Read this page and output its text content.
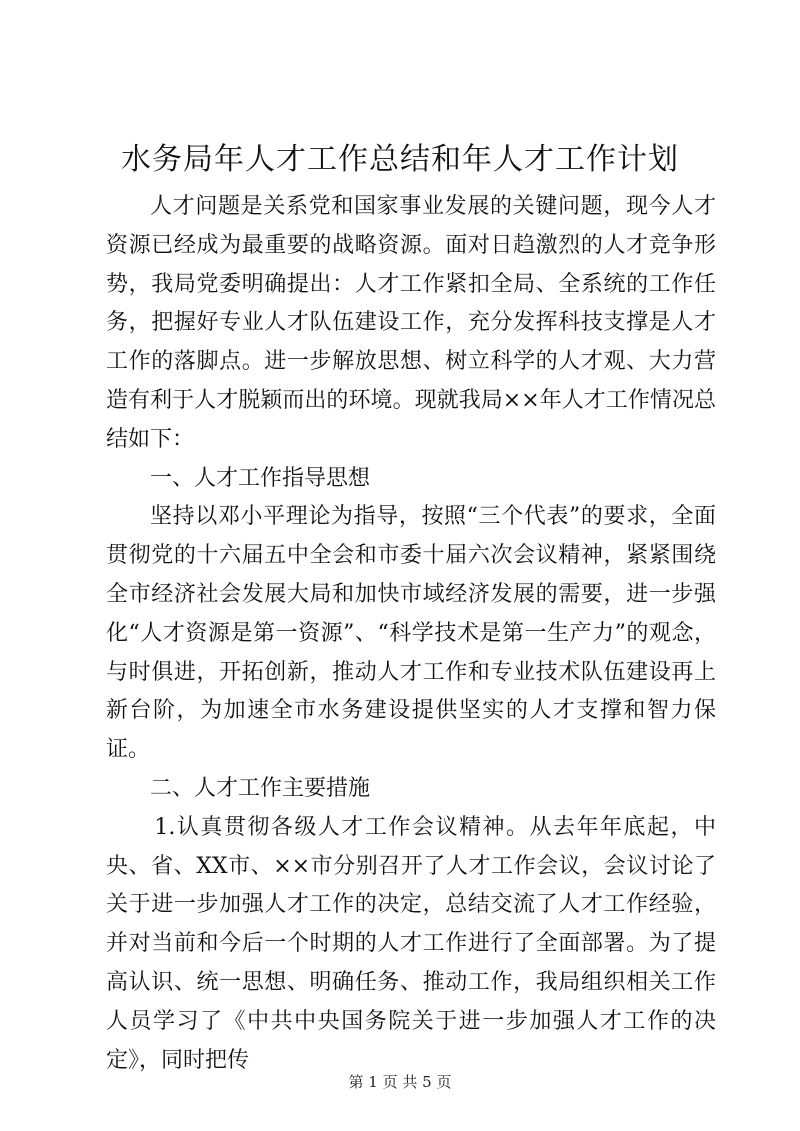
水务局年人才工作总结和年人才工作计划

人才问题是关系党和国家事业发展的关键问题，现今人才资源已经成为最重要的战略资源。面对日趋激烈的人才竞争形势，我局党委明确提出：人才工作紧扣全局、全系统的工作任务，把握好专业人才队伍建设工作，充分发挥科技支撑是人才工作的落脚点。进一步解放思想、树立科学的人才观、大力营造有利于人才脱颖而出的环境。现就我局××年人才工作情况总结如下：

一、人才工作指导思想

坚持以邓小平理论为指导，按照“三个代表”的要求，全面贯彻党的十六届五中全会和市委十届六次会议精神，紧紧围绕全市经济社会发展大局和加快市域经济发展的需要，进一步强化“人才资源是第一资源”、“科学技术是第一生产力”的观念，与时俱进，开拓创新，推动人才工作和专业技术队伍建设再上新台阶，为加速全市水务建设提供坚实的人才支撑和智力保证。

二、人才工作主要措施

1.认真贯彻各级人才工作会议精神。从去年年底起，中央、省、XX市、××市分别召开了人才工作会议，会议讨论了关于进一步加强人才工作的决定，总结交流了人才工作经验，并对当前和今后一个时期的人才工作进行了全面部署。为了提高认识、统一思想、明确任务、推动工作，我局组织相关工作人员学习了《中共中央国务院关于进一步加强人才工作的决定》，同时把传

第 1 页 共 5 页
